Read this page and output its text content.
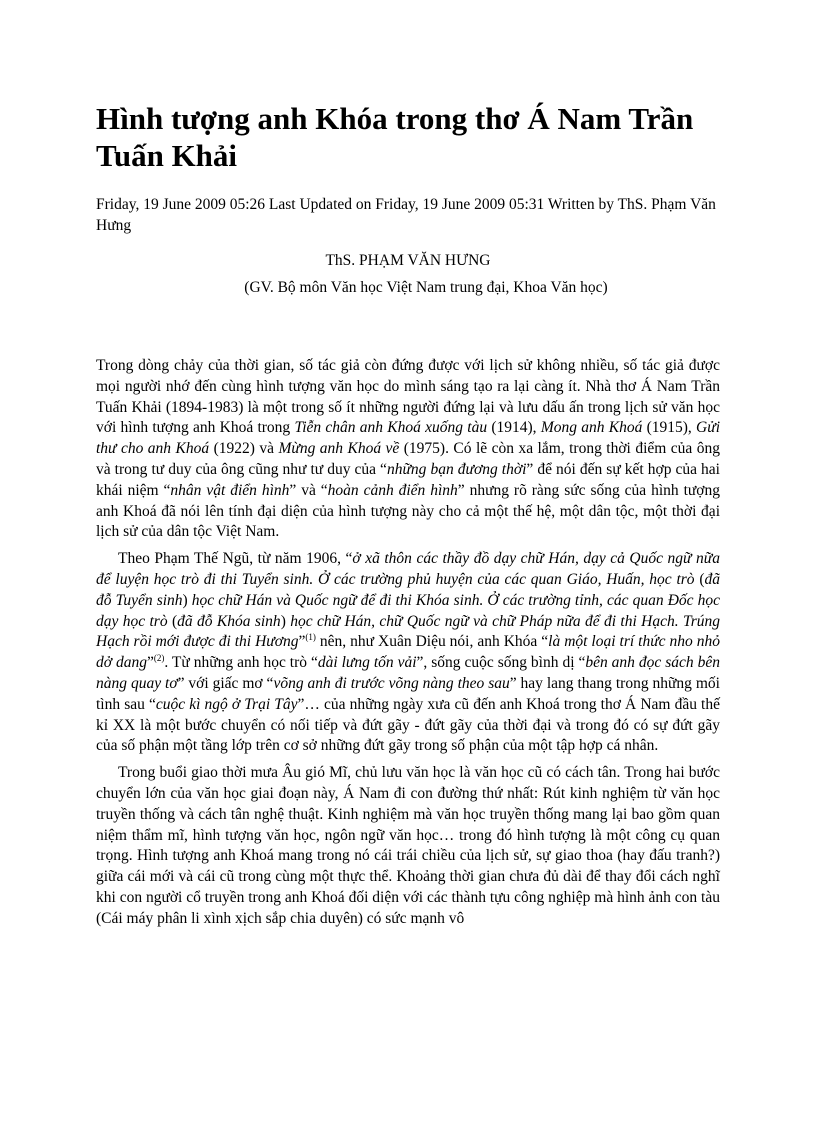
Hình tượng anh Khóa trong thơ Á Nam Trần Tuấn Khải

Friday, 19 June 2009 05:26 Last Updated on Friday, 19 June 2009 05:31 Written by ThS. Phạm Văn Hưng

ThS. PHẠM VĂN HƯNG

(GV. Bộ môn Văn học Việt Nam trung đại, Khoa Văn học)

Trong dòng chảy của thời gian, số tác giả còn đứng được với lịch sử không nhiều, số tác giả được mọi người nhớ đến cùng hình tượng văn học do mình sáng tạo ra lại càng ít. Nhà thơ Á Nam Trần Tuấn Khải (1894-1983) là một trong số ít những người đứng lại và lưu dấu ấn trong lịch sử văn học với hình tượng anh Khoá trong Tiễn chân anh Khoá xuống tàu (1914), Mong anh Khoá (1915), Gửi thư cho anh Khoá (1922) và Mừng anh Khoá về (1975). Có lẽ còn xa lắm, trong thời điểm của ông và trong tư duy của ông cũng như tư duy của “những bạn đương thời” để nói đến sự kết hợp của hai khái niệm “nhân vật điển hình” và “hoàn cảnh điển hình” nhưng rõ ràng sức sống của hình tượng anh Khoá đã nói lên tính đại diện của hình tượng này cho cả một thế hệ, một dân tộc, một thời đại lịch sử của dân tộc Việt Nam.

Theo Phạm Thế Ngũ, từ năm 1906, “ở xã thôn các thầy đồ dạy chữ Hán, dạy cả Quốc ngữ nữa để luyện học trò đi thi Tuyển sinh. Ở các trường phủ huyện của các quan Giáo, Huấn, học trò (đã đỗ Tuyển sinh) học chữ Hán và Quốc ngữ để đi thi Khóa sinh. Ở các trường tỉnh, các quan Đốc học dạy học trò (đã đỗ Khóa sinh) học chữ Hán, chữ Quốc ngữ và chữ Pháp nữa để đi thi Hạch. Trúng Hạch rồi mới được đi thi Hương”$^{(1)}$ nên, như Xuân Diệu nói, anh Khóa “là một loại trí thức nho nhỏ dở dang”$^{(2)}$. Từ những anh học trò “dài lưng tốn vải”, sống cuộc sống bình dị “bên anh đọc sách bên nàng quay tơ” với giấc mơ “võng anh đi trước võng nàng theo sau” hay lang thang trong những mối tình sau “cuộc kì ngộ ở Trại Tây”… của những ngày xưa cũ đến anh Khoá trong thơ Á Nam đầu thế kỉ XX là một bước chuyển có nối tiếp và đứt gãy - đứt gãy của thời đại và trong đó có sự đứt gãy của số phận một tầng lớp trên cơ sở những đứt gãy trong số phận của một tập hợp cá nhân.

Trong buổi giao thời mưa Âu gió Mĩ, chủ lưu văn học là văn học cũ có cách tân. Trong hai bước chuyển lớn của văn học giai đoạn này, Á Nam đi con đường thứ nhất: Rút kinh nghiệm từ văn học truyền thống và cách tân nghệ thuật. Kinh nghiệm mà văn học truyền thống mang lại bao gồm quan niệm thẩm mĩ, hình tượng văn học, ngôn ngữ văn học… trong đó hình tượng là một công cụ quan trọng. Hình tượng anh Khoá mang trong nó cái trái chiều của lịch sử, sự giao thoa (hay đấu tranh?) giữa cái mới và cái cũ trong cùng một thực thể. Khoảng thời gian chưa đủ dài để thay đổi cách nghĩ khi con người cổ truyền trong anh Khoá đối diện với các thành tựu công nghiệp mà hình ảnh con tàu (Cái máy phân li xình xịch sắp chia duyên) có sức mạnh vô
